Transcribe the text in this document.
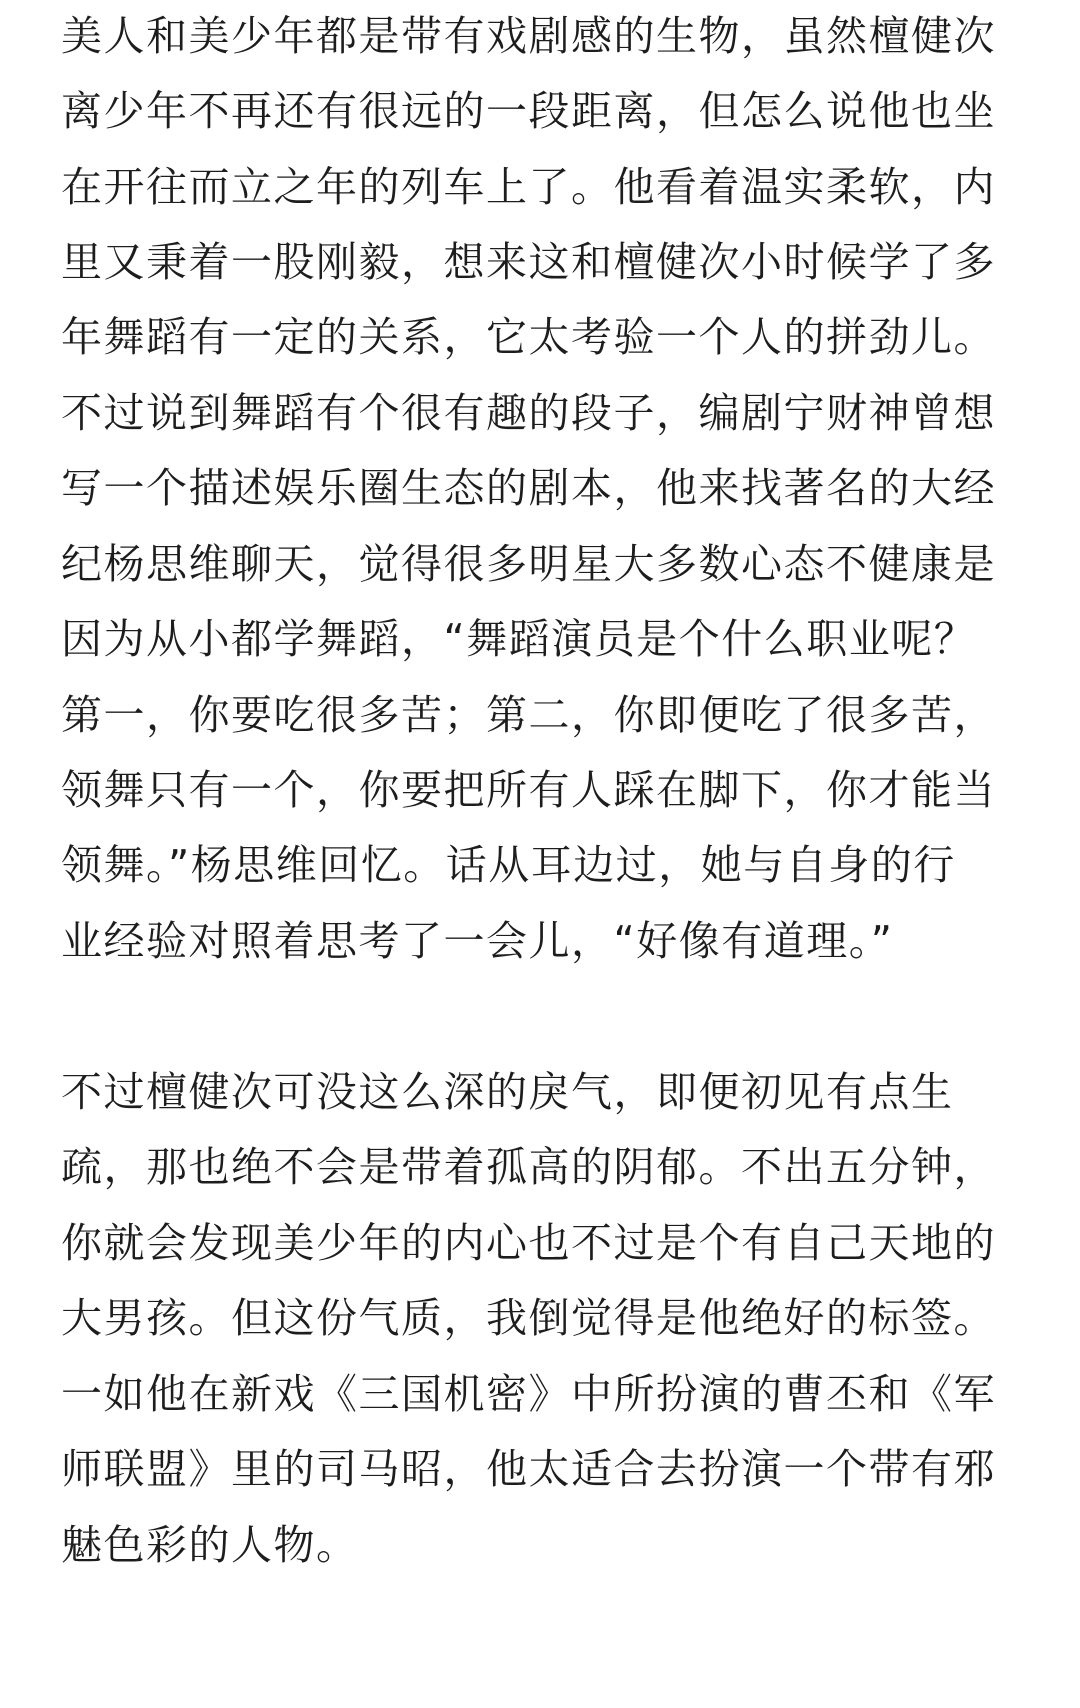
美人和美少年都是带有戏剧感的生物，虽然檀健次
离少年不再还有很远的一段距离，但怎么说他也坐
在开往而立之年的列车上了。他看着温实柔软，内
里又秉着一股刚毅，想来这和檀健次小时候学了多
年舞蹈有一定的关系，它太考验一个人的拼劲儿。
不过说到舞蹈有个很有趣的段子，编剧宁财神曾想
写一个描述娱乐圈生态的剧本，他来找著名的大经
纪杨思维聊天，觉得很多明星大多数心态不健康是
因为从小都学舞蹈，“舞蹈演员是个什么职业呢？
第一，你要吃很多苦；第二，你即便吃了很多苦，
领舞只有一个，你要把所有人踩在脚下，你才能当
领舞。”杨思维回忆。话从耳边过，她与自身的行
业经验对照着思考了一会儿，“好像有道理。”
不过檀健次可没这么深的戾气，即便初见有点生
疏，那也绝不会是带着孤高的阴郁。不出五分钟，
你就会发现美少年的内心也不过是个有自己天地的
大男孩。但这份气质，我倒觉得是他绝好的标签。
一如他在新戏《三国机密》中所扮演的曹丕和《军
师联盟》里的司马昭，他太适合去扮演一个带有邪
魅色彩的人物。
